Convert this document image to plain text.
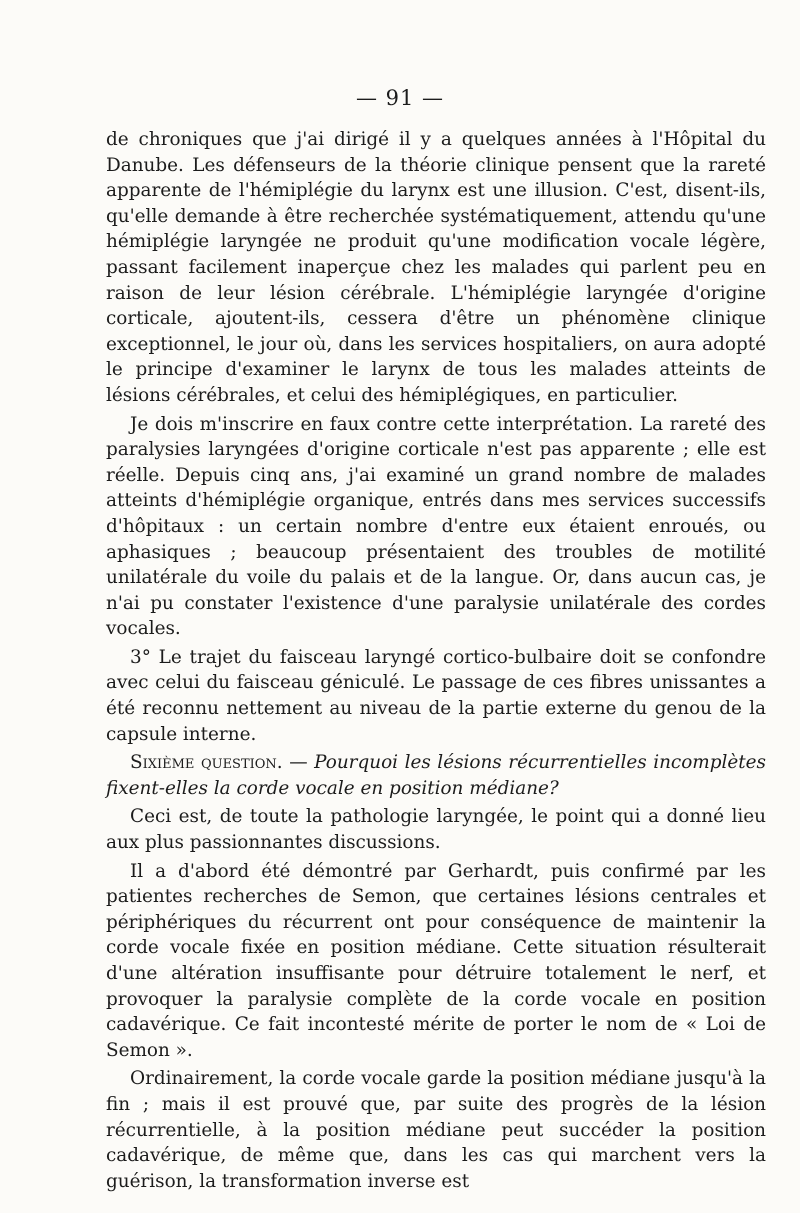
— 91 —

de chroniques que j'ai dirigé il y a quelques années à l'Hôpital du Danube. Les défenseurs de la théorie clinique pensent que la rareté apparente de l'hémiplégie du larynx est une illusion. C'est, disent-ils, qu'elle demande à être recherchée systématiquement, attendu qu'une hémiplégie laryngée ne produit qu'une modification vocale légère, passant facilement inaperçue chez les malades qui parlent peu en raison de leur lésion cérébrale. L'hémiplégie laryngée d'origine corticale, ajoutent-ils, cessera d'être un phénomène clinique exceptionnel, le jour où, dans les services hospitaliers, on aura adopté le principe d'examiner le larynx de tous les malades atteints de lésions cérébrales, et celui des hémiplégiques, en particulier.

Je dois m'inscrire en faux contre cette interprétation. La rareté des paralysies laryngées d'origine corticale n'est pas apparente ; elle est réelle. Depuis cinq ans, j'ai examiné un grand nombre de malades atteints d'hémiplégie organique, entrés dans mes services successifs d'hôpitaux : un certain nombre d'entre eux étaient enroués, ou aphasiques ; beaucoup présentaient des troubles de motilité unilatérale du voile du palais et de la langue. Or, dans aucun cas, je n'ai pu constater l'existence d'une paralysie unilatérale des cordes vocales.

3° Le trajet du faisceau laryngé cortico-bulbaire doit se confondre avec celui du faisceau géniculé. Le passage de ces fibres unissantes a été reconnu nettement au niveau de la partie externe du genou de la capsule interne.

Sixième question. — Pourquoi les lésions récurrentielles incomplètes fixent-elles la corde vocale en position médiane?

Ceci est, de toute la pathologie laryngée, le point qui a donné lieu aux plus passionnantes discussions.

Il a d'abord été démontré par Gerhardt, puis confirmé par les patientes recherches de Semon, que certaines lésions centrales et périphériques du récurrent ont pour conséquence de maintenir la corde vocale fixée en position médiane. Cette situation résulterait d'une altération insuffisante pour détruire totalement le nerf, et provoquer la paralysie complète de la corde vocale en position cadavérique. Ce fait incontesté mérite de porter le nom de « Loi de Semon ».

Ordinairement, la corde vocale garde la position médiane jusqu'à la fin ; mais il est prouvé que, par suite des progrès de la lésion récurrentielle, à la position médiane peut succéder la position cadavérique, de même que, dans les cas qui marchent vers la guérison, la transformation inverse est
